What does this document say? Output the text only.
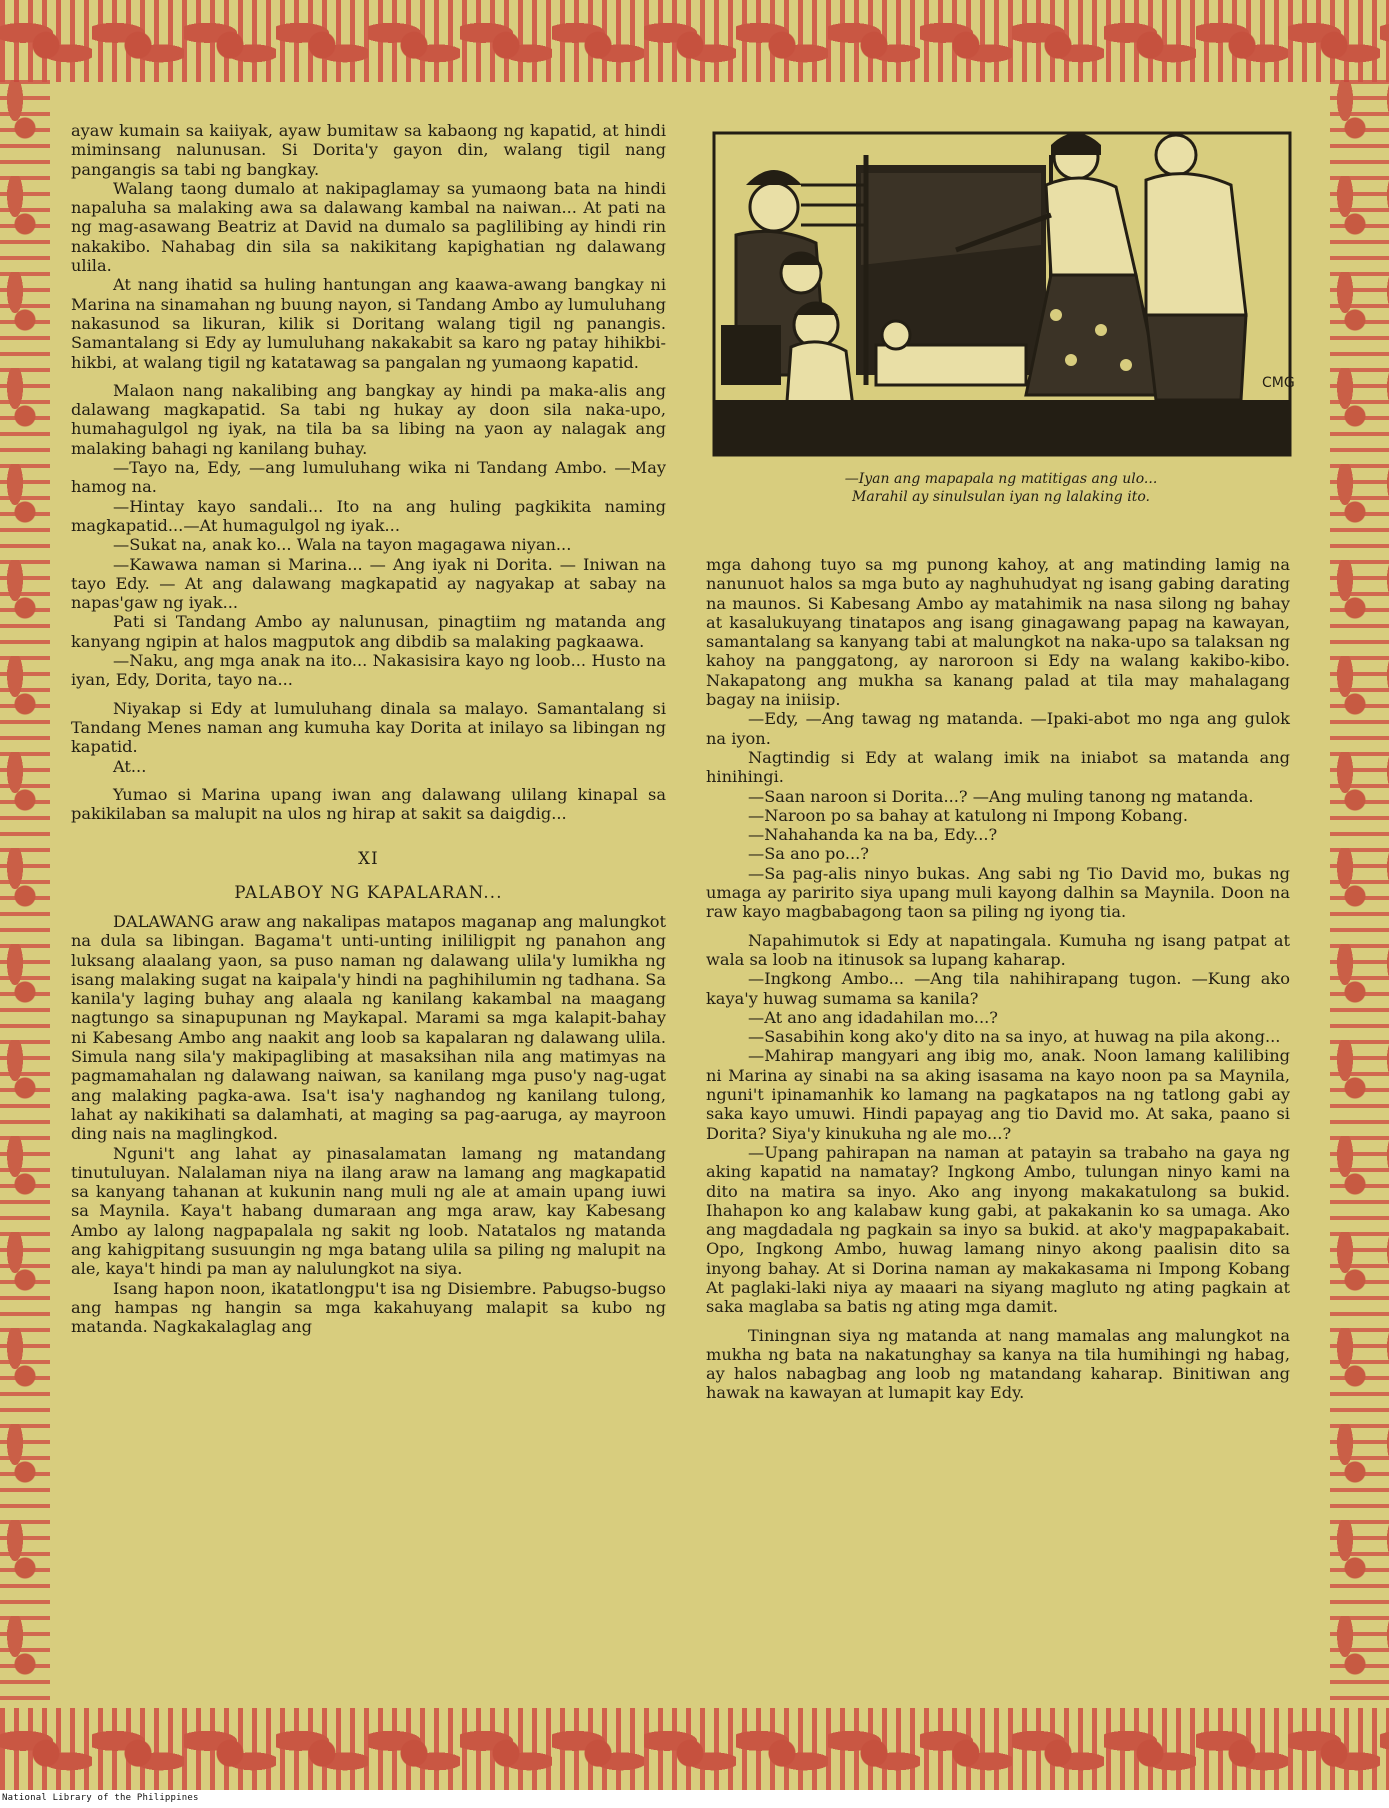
ayaw kumain sa kaiiyak, ayaw bumitaw sa kabaong ng kapatid, at hindi miminsang nalunusan. Si Dorita'y gayon din, walang tigil nang pangangis sa tabi ng bangkay.

Walang taong dumalo at nakipaglamay sa yumaong bata na hindi napaluha sa malaking awa sa dalawang kambal na naiwan... At pati na ng mag-asawang Beatriz at David na dumalo sa paglilibing ay hindi rin nakakibo. Nahabag din sila sa nakikitang kapighatian ng dalawang ulila.

At nang ihatid sa huling hantungan ang kaawa-awang bangkay ni Marina na sinamahan ng buung nayon, si Tandang Ambo ay lumuluhang nakasunod sa likuran, kilik si Doritang walang tigil ng panangis. Samantalang si Edy ay lumuluhang nakakabit sa karo ng patay hihikbi-hikbi, at walang tigil ng katatawag sa pangalan ng yumaong kapatid.

Malaon nang nakalibing ang bangkay ay hindi pa maka-alis ang dalawang magkapatid. Sa tabi ng hukay ay doon sila naka-upo, humahagulgol ng iyak, na tila ba sa libing na yaon ay nalagak ang malaking bahagi ng kanilang buhay.

—Tayo na, Edy, —ang lumuluhang wika ni Tandang Ambo. —May hamog na.

—Hintay kayo sandali... Ito na ang huling pagkikita naming magkapatid...—At humagulgol ng iyak...

—Sukat na, anak ko... Wala na tayon magagawa niyan...

—Kawawa naman si Marina... — Ang iyak ni Dorita. — Iniwan na tayo Edy. — At ang dalawang magkapatid ay nagyakap at sabay na napas'gaw ng iyak...

Pati si Tandang Ambo ay nalunusan, pinagtiim ng matanda ang kanyang ngipin at halos magputok ang dibdib sa malaking pagkaawa.

—Naku, ang mga anak na ito... Nakasisira kayo ng loob... Husto na iyan, Edy, Dorita, tayo na...

Niyakap si Edy at lumuluhang dinala sa malayo. Samantalang si Tandang Menes naman ang kumuha kay Dorita at inilayo sa libingan ng kapatid.

At...

Yumao si Marina upang iwan ang dalawang ulilang kinapal sa pakikilaban sa malupit na ulos ng hirap at sakit sa daigdig...

XI

PALABOY NG KAPALARAN...

DALAWANG araw ang nakalipas matapos maganap ang malungkot na dula sa libingan. Bagama't unti-unting inililigpit ng panahon ang luksang alaalang yaon, sa puso naman ng dalawang ulila'y lumikha ng isang malaking sugat na kaipala'y hindi na paghihilumin ng tadhana. Sa kanila'y laging buhay ang alaala ng kanilang kakambal na maagang nagtungo sa sinapupunan ng Maykapal. Marami sa mga kalapit-bahay ni Kabesang Ambo ang naakit ang loob sa kapalaran ng dalawang ulila. Simula nang sila'y makipaglibing at masaksihan nila ang matimyas na pagmamahalan ng dalawang naiwan, sa kanilang mga puso'y nag-ugat ang malaking pagka-awa. Isa't isa'y naghandog ng kanilang tulong, lahat ay nakikihati sa dalamhati, at maging sa pag-aaruga, ay mayroon ding nais na maglingkod.

Nguni't ang lahat ay pinasalamatan lamang ng matandang tinutuluyan. Nalalaman niya na ilang araw na lamang ang magkapatid sa kanyang tahanan at kukunin nang muli ng ale at amain upang iuwi sa Maynila. Kaya't habang dumaraan ang mga araw, kay Kabesang Ambo ay lalong nagpapalala ng sakit ng loob. Natatalos ng matanda ang kahigpitang susuungin ng mga batang ulila sa piling ng malupit na ale, kaya't hindi pa man ay nalulungkot na siya.

Isang hapon noon, ikatatlongpu't isa ng Disiembre. Pabugso-bugso ang hampas ng hangin sa mga kakahuyang malapit sa kubo ng matanda. Nagkakalaglag ang

CMG
—Iyan ang mapapala ng matitigas ang ulo...
Marahil ay sinulsulan iyan ng lalaking ito.

mga dahong tuyo sa mg punong kahoy, at ang matinding lamig na nanunuot halos sa mga buto ay naghuhudyat ng isang gabing darating na maunos. Si Kabesang Ambo ay matahimik na nasa silong ng bahay at kasalukuyang tinatapos ang isang ginagawang papag na kawayan, samantalang sa kanyang tabi at malungkot na naka-upo sa talaksan ng kahoy na panggatong, ay naroroon si Edy na walang kakibo-kibo. Nakapatong ang mukha sa kanang palad at tila may mahalagang bagay na iniisip.

—Edy, —Ang tawag ng matanda. —Ipaki-abot mo nga ang gulok na iyon.

Nagtindig si Edy at walang imik na iniabot sa matanda ang hinihingi.

—Saan naroon si Dorita...? —Ang muling tanong ng matanda.

—Naroon po sa bahay at katulong ni Impong Kobang.

—Nahahanda ka na ba, Edy...?

—Sa ano po...?

—Sa pag-alis ninyo bukas. Ang sabi ng Tio David mo, bukas ng umaga ay paririto siya upang muli kayong dalhin sa Maynila. Doon na raw kayo magbabagong taon sa piling ng iyong tia.

Napahimutok si Edy at napatingala. Kumuha ng isang patpat at wala sa loob na itinusok sa lupang kaharap.

—Ingkong Ambo... —Ang tila nahihirapang tugon. —Kung ako kaya'y huwag sumama sa kanila?

—At ano ang idadahilan mo...?

—Sasabihin kong ako'y dito na sa inyo, at huwag na pila akong...

—Mahirap mangyari ang ibig mo, anak. Noon lamang kalilibing ni Marina ay sinabi na sa aking isasama na kayo noon pa sa Maynila, nguni't ipinamanhik ko lamang na pagkatapos na ng tatlong gabi ay saka kayo umuwi. Hindi papayag ang tio David mo. At saka, paano si Dorita? Siya'y kinukuha ng ale mo...?

—Upang pahirapan na naman at patayin sa trabaho na gaya ng aking kapatid na namatay? Ingkong Ambo, tulungan ninyo kami na dito na matira sa inyo. Ako ang inyong makakatulong sa bukid. Ihahapon ko ang kalabaw kung gabi, at pakakanin ko sa umaga. Ako ang magdadala ng pagkain sa inyo sa bukid. at ako'y magpapakabait. Opo, Ingkong Ambo, huwag lamang ninyo akong paalisin dito sa inyong bahay. At si Dorina naman ay makakasama ni Impong Kobang At paglaki-laki niya ay maaari na siyang magluto ng ating pagkain at saka maglaba sa batis ng ating mga damit.

Tiningnan siya ng matanda at nang mamalas ang malungkot na mukha ng bata na nakatunghay sa kanya na tila humihingi ng habag, ay halos nabagbag ang loob ng matandang kaharap. Binitiwan ang hawak na kawayan at lumapit kay Edy.

National Library of the Philippines
